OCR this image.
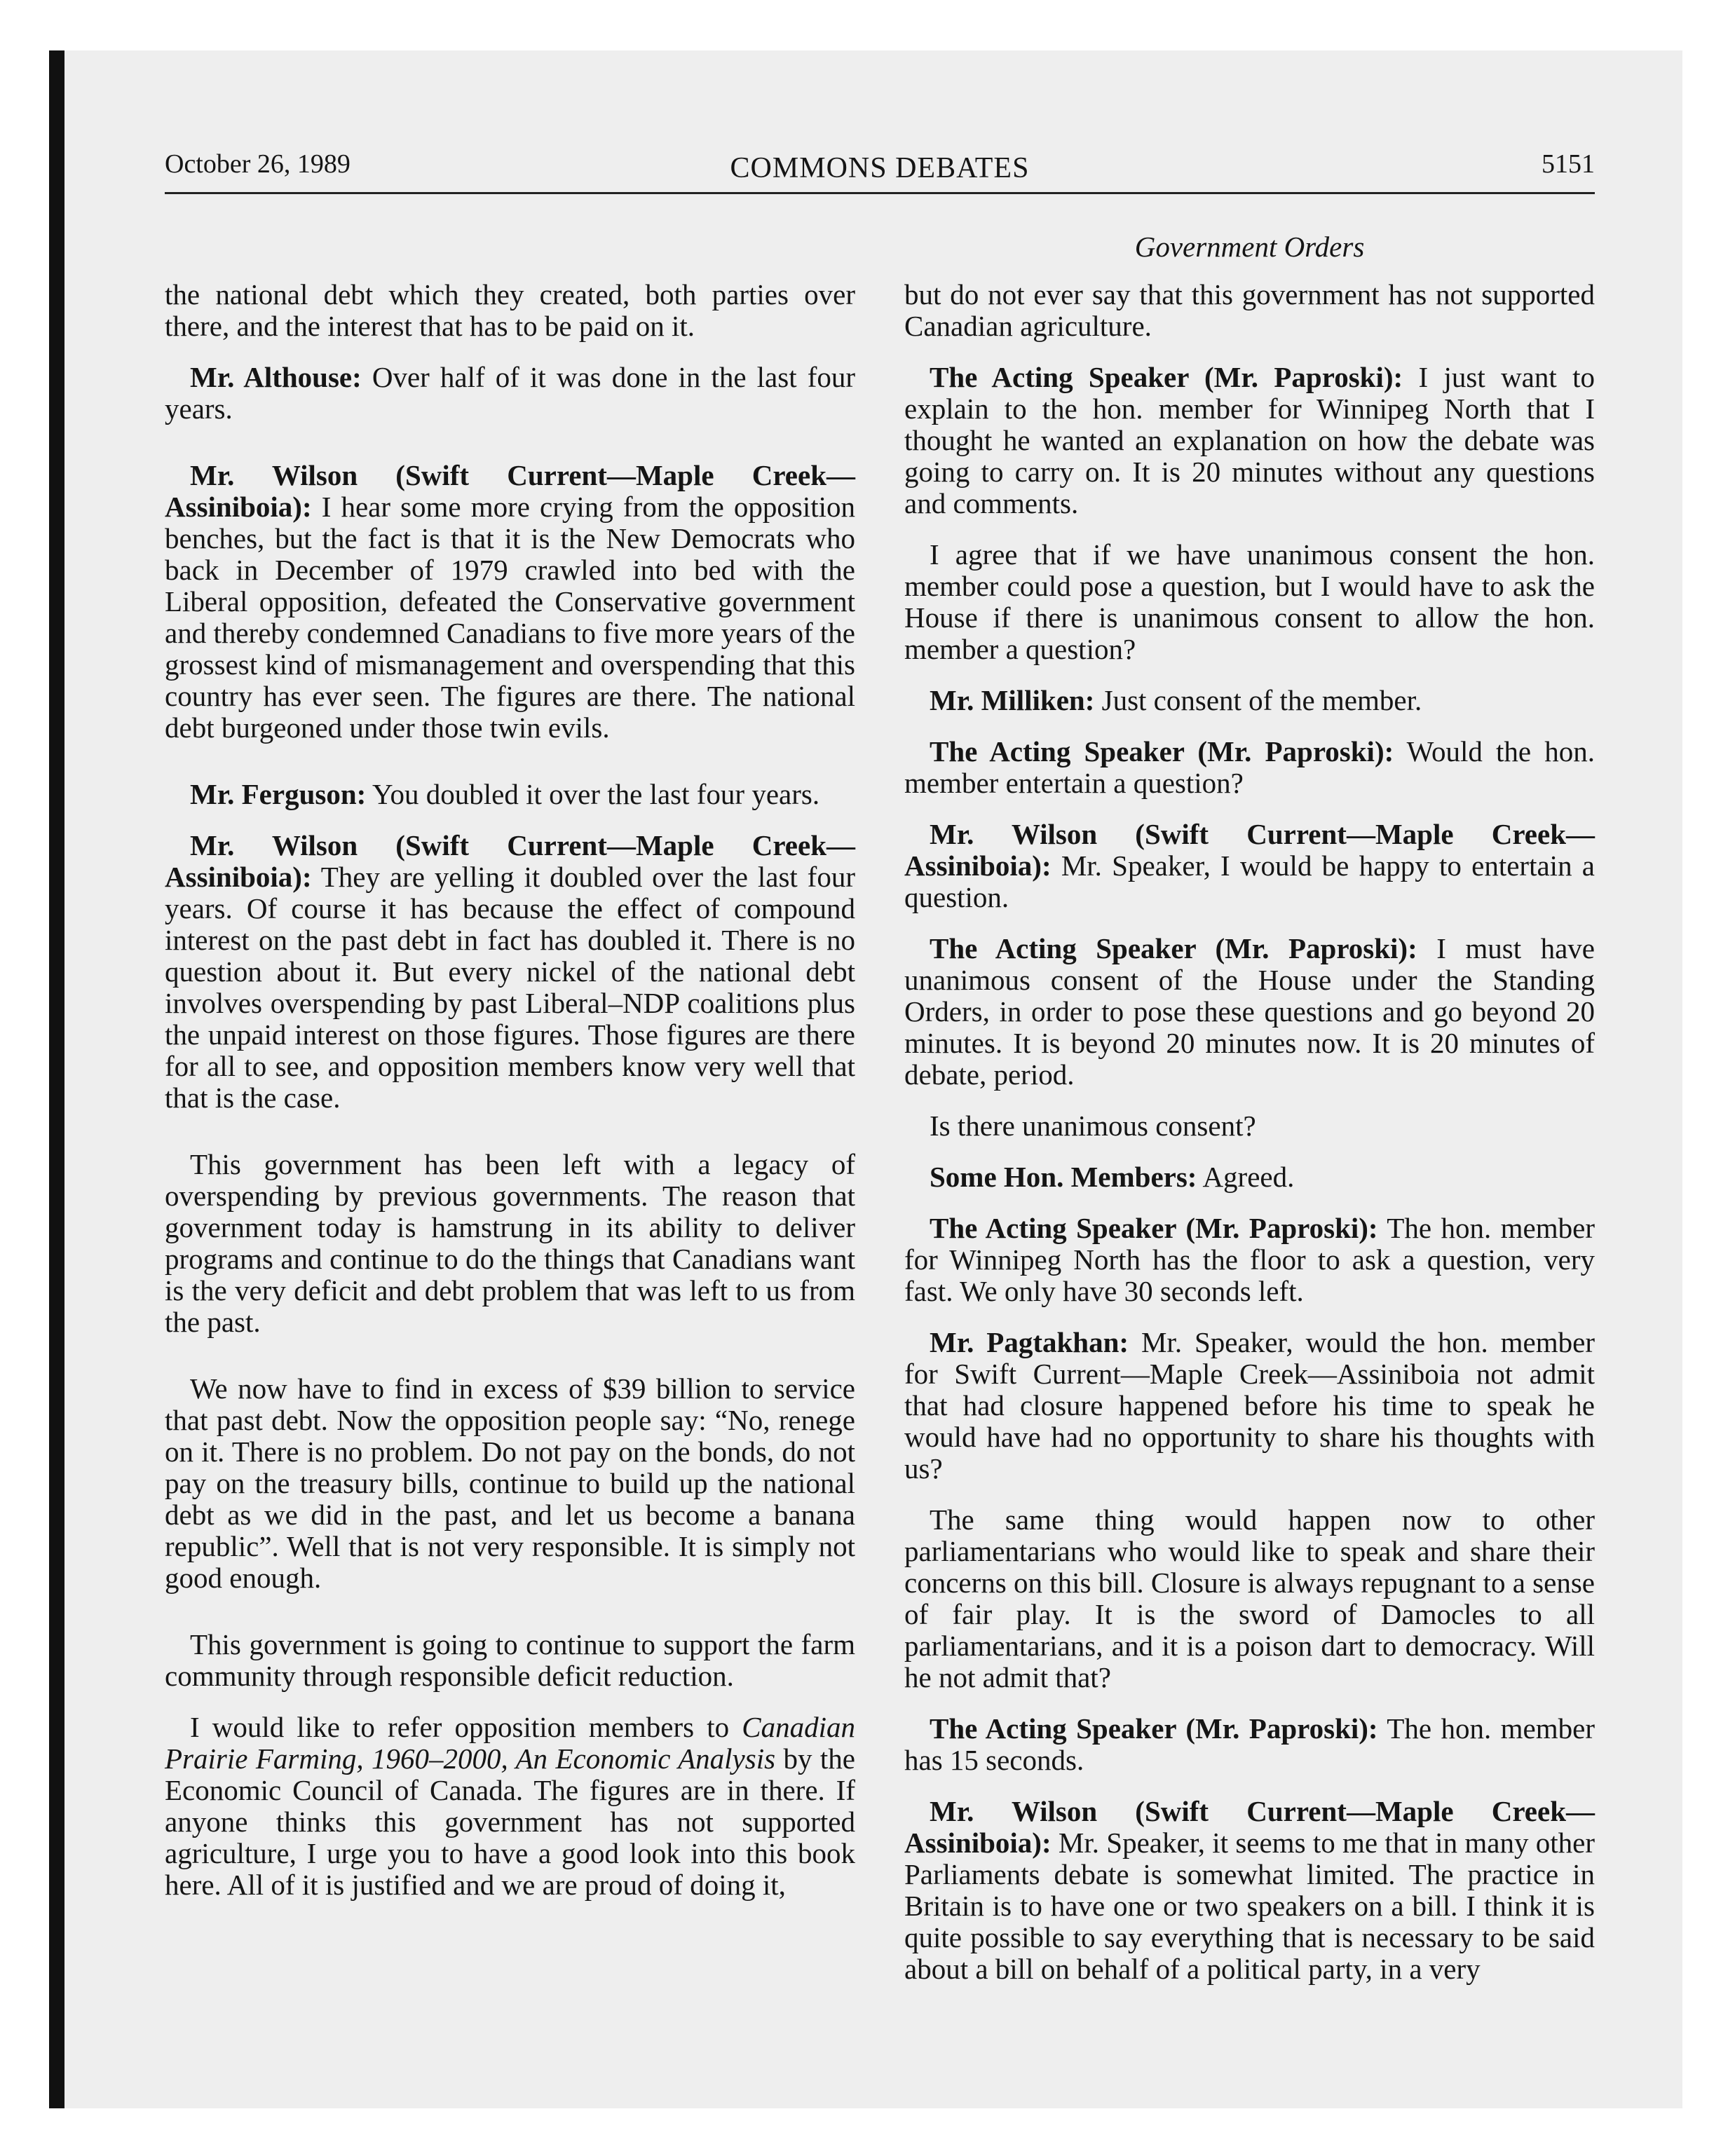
October 26, 1989	COMMONS DEBATES	5151
Government Orders

the national debt which they created, both parties over there, and the interest that has to be paid on it.

Mr. Althouse: Over half of it was done in the last four years.

Mr. Wilson (Swift Current—Maple Creek—Assiniboia): I hear some more crying from the opposition benches, but the fact is that it is the New Democrats who back in December of 1979 crawled into bed with the Liberal opposition, defeated the Conservative government and thereby condemned Canadians to five more years of the grossest kind of mismanagement and overspending that this country has ever seen. The figures are there. The national debt burgeoned under those twin evils.

Mr. Ferguson: You doubled it over the last four years.

Mr. Wilson (Swift Current—Maple Creek—Assiniboia): They are yelling it doubled over the last four years. Of course it has because the effect of compound interest on the past debt in fact has doubled it. There is no question about it. But every nickel of the national debt involves overspending by past Liberal–NDP coalitions plus the unpaid interest on those figures. Those figures are there for all to see, and opposition members know very well that that is the case.

This government has been left with a legacy of overspending by previous governments. The reason that government today is hamstrung in its ability to deliver programs and continue to do the things that Canadians want is the very deficit and debt problem that was left to us from the past.

We now have to find in excess of $39 billion to service that past debt. Now the opposition people say: “No, renege on it. There is no problem. Do not pay on the bonds, do not pay on the treasury bills, continue to build up the national debt as we did in the past, and let us become a banana republic”. Well that is not very responsible. It is simply not good enough.

This government is going to continue to support the farm community through responsible deficit reduction.

I would like to refer opposition members to Canadian Prairie Farming, 1960–2000, An Economic Analysis by the Economic Council of Canada. The figures are in there. If anyone thinks this government has not supported agriculture, I urge you to have a good look into this book here. All of it is justified and we are proud of doing it,

but do not ever say that this government has not supported Canadian agriculture.

The Acting Speaker (Mr. Paproski): I just want to explain to the hon. member for Winnipeg North that I thought he wanted an explanation on how the debate was going to carry on. It is 20 minutes without any questions and comments.

I agree that if we have unanimous consent the hon. member could pose a question, but I would have to ask the House if there is unanimous consent to allow the hon. member a question?

Mr. Milliken: Just consent of the member.

The Acting Speaker (Mr. Paproski): Would the hon. member entertain a question?

Mr. Wilson (Swift Current—Maple Creek—Assiniboia): Mr. Speaker, I would be happy to entertain a question.

The Acting Speaker (Mr. Paproski): I must have unanimous consent of the House under the Standing Orders, in order to pose these questions and go beyond 20 minutes. It is beyond 20 minutes now. It is 20 minutes of debate, period.

Is there unanimous consent?

Some Hon. Members: Agreed.

The Acting Speaker (Mr. Paproski): The hon. member for Winnipeg North has the floor to ask a question, very fast. We only have 30 seconds left.

Mr. Pagtakhan: Mr. Speaker, would the hon. member for Swift Current—Maple Creek—Assiniboia not admit that had closure happened before his time to speak he would have had no opportunity to share his thoughts with us?

The same thing would happen now to other parliamentarians who would like to speak and share their concerns on this bill. Closure is always repugnant to a sense of fair play. It is the sword of Damocles to all parliamentarians, and it is a poison dart to democracy. Will he not admit that?

The Acting Speaker (Mr. Paproski): The hon. member has 15 seconds.

Mr. Wilson (Swift Current—Maple Creek—Assiniboia): Mr. Speaker, it seems to me that in many other Parliaments debate is somewhat limited. The practice in Britain is to have one or two speakers on a bill. I think it is quite possible to say everything that is necessary to be said about a bill on behalf of a political party, in a very
